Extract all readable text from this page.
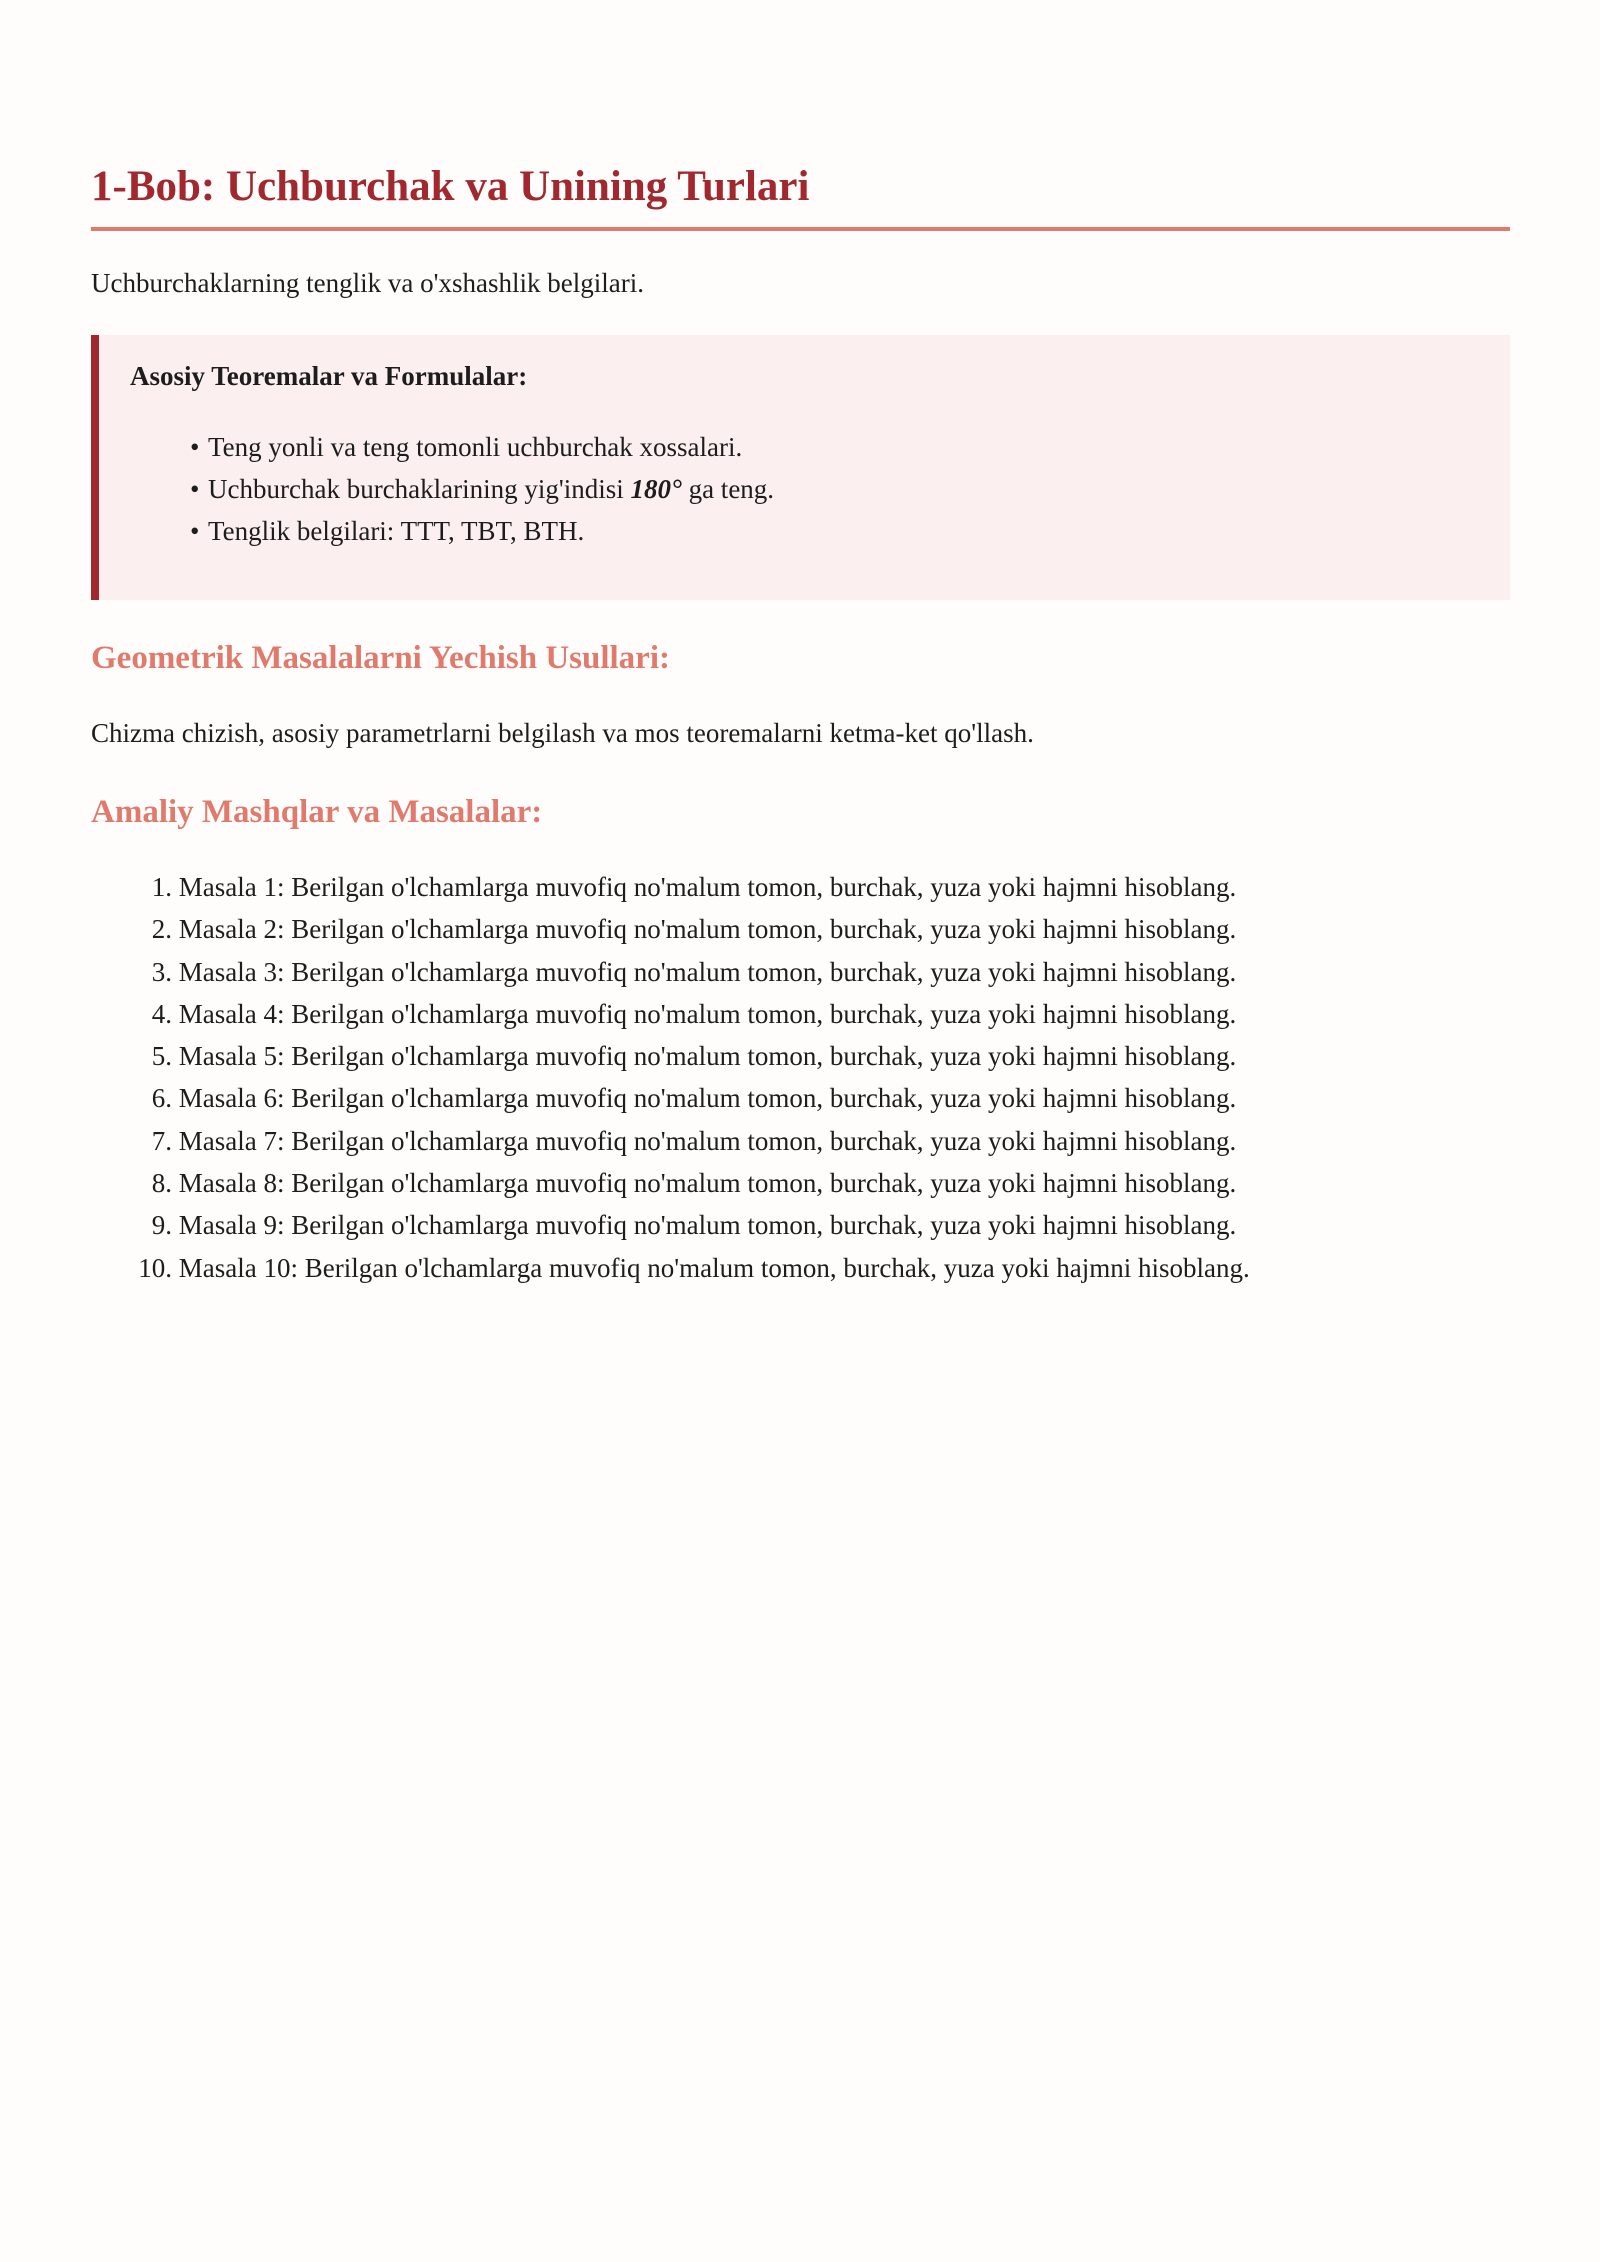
1-Bob: Uchburchak va Unining Turlari

Uchburchaklarning tenglik va o'xshashlik belgilari.

Asosiy Teoremalar va Formulalar:

• Teng yonli va teng tomonli uchburchak xossalari.
• Uchburchak burchaklarining yig'indisi 180° ga teng.
• Tenglik belgilari: TTT, TBT, BTH.
Geometrik Masalalarni Yechish Usullari:

Chizma chizish, asosiy parametrlarni belgilash va mos teoremalarni ketma-ket qo'llash.

Amaliy Mashqlar va Masalalar:
1. Masala 1: Berilgan o'lchamlarga muvofiq no'malum tomon, burchak, yuza yoki hajmni hisoblang.
2. Masala 2: Berilgan o'lchamlarga muvofiq no'malum tomon, burchak, yuza yoki hajmni hisoblang.
3. Masala 3: Berilgan o'lchamlarga muvofiq no'malum tomon, burchak, yuza yoki hajmni hisoblang.
4. Masala 4: Berilgan o'lchamlarga muvofiq no'malum tomon, burchak, yuza yoki hajmni hisoblang.
5. Masala 5: Berilgan o'lchamlarga muvofiq no'malum tomon, burchak, yuza yoki hajmni hisoblang.
6. Masala 6: Berilgan o'lchamlarga muvofiq no'malum tomon, burchak, yuza yoki hajmni hisoblang.
7. Masala 7: Berilgan o'lchamlarga muvofiq no'malum tomon, burchak, yuza yoki hajmni hisoblang.
8. Masala 8: Berilgan o'lchamlarga muvofiq no'malum tomon, burchak, yuza yoki hajmni hisoblang.
9. Masala 9: Berilgan o'lchamlarga muvofiq no'malum tomon, burchak, yuza yoki hajmni hisoblang.
10. Masala 10: Berilgan o'lchamlarga muvofiq no'malum tomon, burchak, yuza yoki hajmni hisoblang.
